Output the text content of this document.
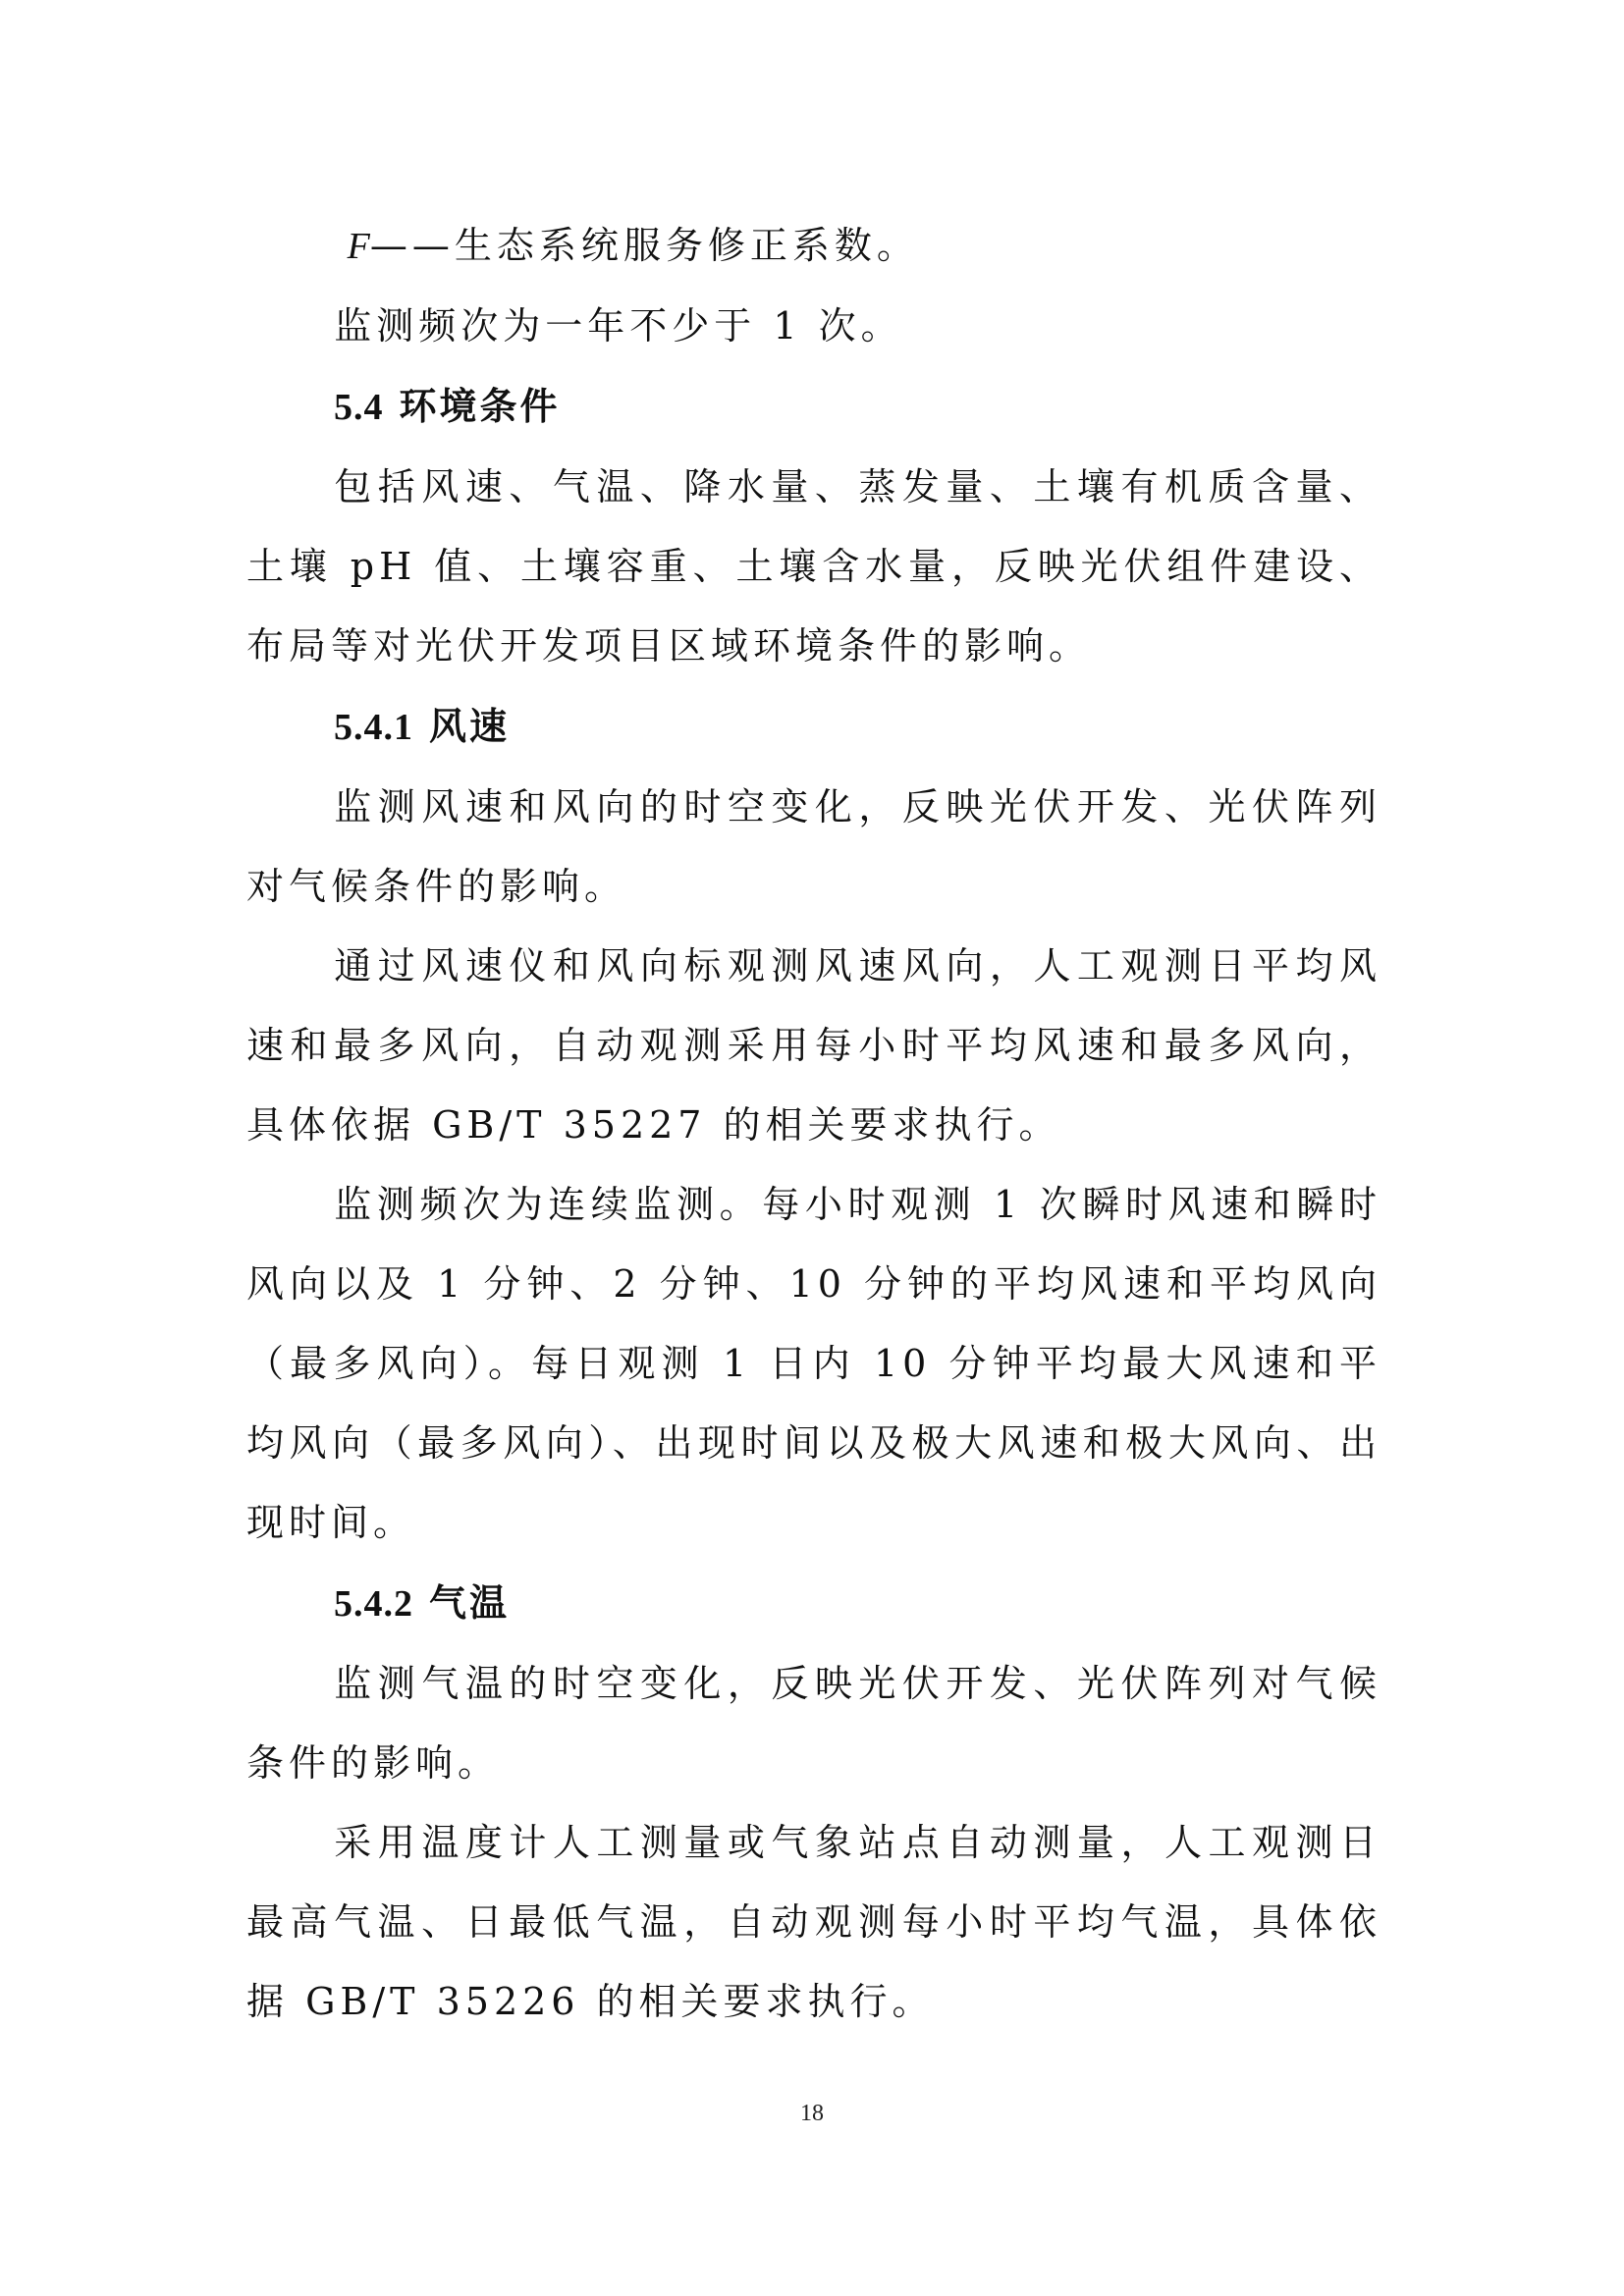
F——生态系统服务修正系数。

监测频次为一年不少于 1 次。

5.4 环境条件

包括风速、气温、降水量、蒸发量、土壤有机质含量、土壤 pH 值、土壤容重、土壤含水量，反映光伏组件建设、布局等对光伏开发项目区域环境条件的影响。

5.4.1 风速

监测风速和风向的时空变化，反映光伏开发、光伏阵列对气候条件的影响。

通过风速仪和风向标观测风速风向，人工观测日平均风速和最多风向，自动观测采用每小时平均风速和最多风向，具体依据 GB/T 35227 的相关要求执行。

监测频次为连续监测。每小时观测 1 次瞬时风速和瞬时风向以及 1 分钟、2 分钟、10 分钟的平均风速和平均风向（最多风向）。每日观测 1 日内 10 分钟平均最大风速和平均风向（最多风向）、出现时间以及极大风速和极大风向、出现时间。

5.4.2 气温

监测气温的时空变化，反映光伏开发、光伏阵列对气候条件的影响。

采用温度计人工测量或气象站点自动测量，人工观测日最高气温、日最低气温，自动观测每小时平均气温，具体依据 GB/T 35226 的相关要求执行。

18
